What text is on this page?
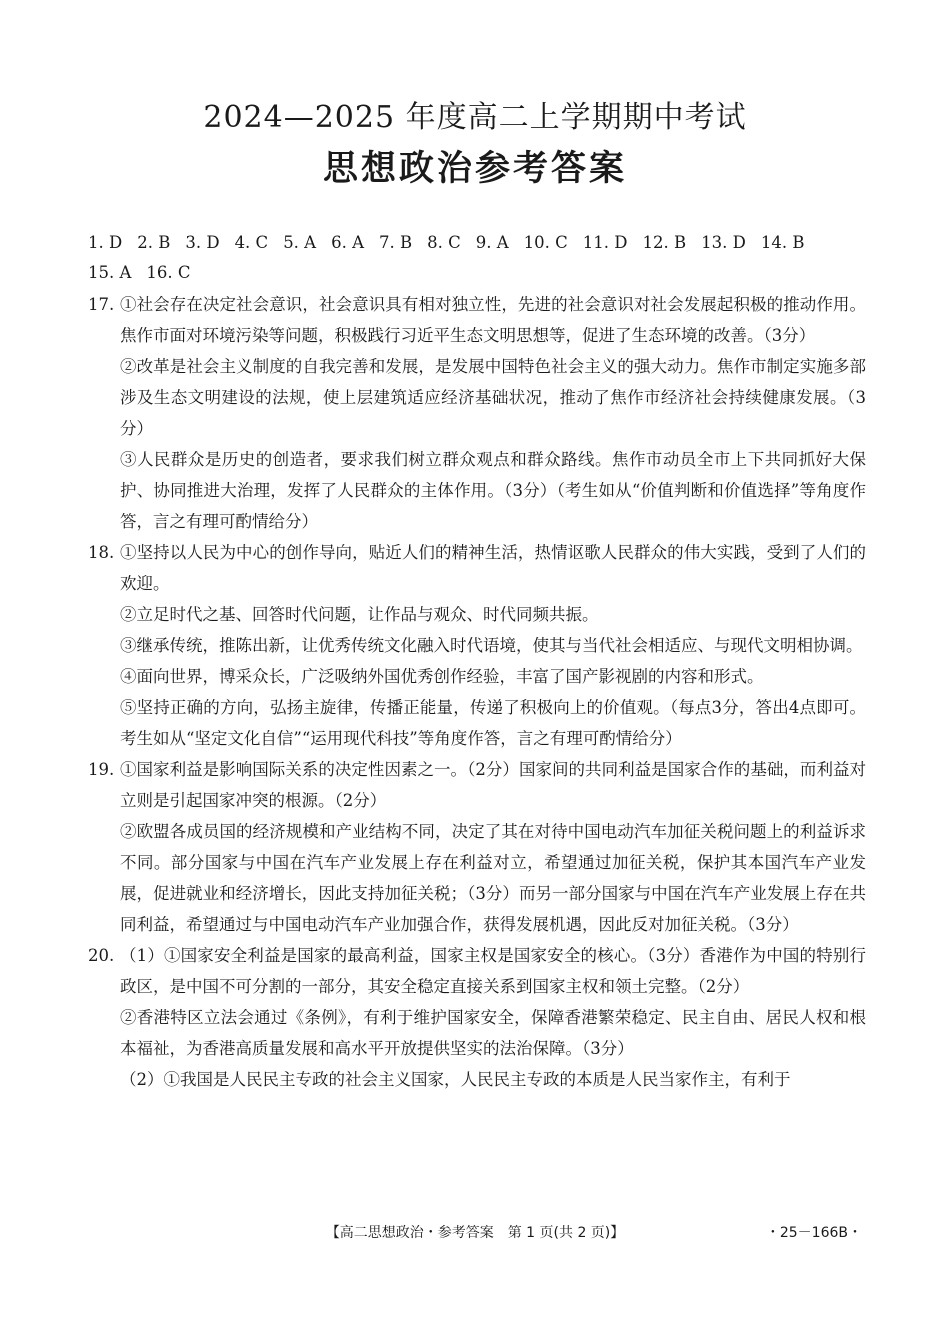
2024—2025 年度高二上学期期中考试
思想政治参考答案
1. D 2. B 3. D 4. C 5. A 6. A 7. B 8. C 9. A 10. C 11. D 12. B 13. D 14. B
15. A 16. C
17. ①社会存在决定社会意识，社会意识具有相对独立性，先进的社会意识对社会发展起积极的推动作用。焦作市面对环境污染等问题，积极践行习近平生态文明思想等，促进了生态环境的改善。（3分）

②改革是社会主义制度的自我完善和发展，是发展中国特色社会主义的强大动力。焦作市制定实施多部涉及生态文明建设的法规，使上层建筑适应经济基础状况，推动了焦作市经济社会持续健康发展。（3分）

③人民群众是历史的创造者，要求我们树立群众观点和群众路线。焦作市动员全市上下共同抓好大保护、协同推进大治理，发挥了人民群众的主体作用。（3分）（考生如从“价值判断和价值选择”等角度作答，言之有理可酌情给分）

18. ①坚持以人民为中心的创作导向，贴近人们的精神生活，热情讴歌人民群众的伟大实践，受到了人们的欢迎。

②立足时代之基、回答时代问题，让作品与观众、时代同频共振。

③继承传统，推陈出新，让优秀传统文化融入时代语境，使其与当代社会相适应、与现代文明相协调。

④面向世界，博采众长，广泛吸纳外国优秀创作经验，丰富了国产影视剧的内容和形式。

⑤坚持正确的方向，弘扬主旋律，传播正能量，传递了积极向上的价值观。（每点3分，答出4点即可。考生如从“坚定文化自信”“运用现代科技”等角度作答，言之有理可酌情给分）

19. ①国家利益是影响国际关系的决定性因素之一。（2分）国家间的共同利益是国家合作的基础，而利益对立则是引起国家冲突的根源。（2分）

②欧盟各成员国的经济规模和产业结构不同，决定了其在对待中国电动汽车加征关税问题上的利益诉求不同。部分国家与中国在汽车产业发展上存在利益对立，希望通过加征关税，保护其本国汽车产业发展，促进就业和经济增长，因此支持加征关税；（3分）而另一部分国家与中国在汽车产业发展上存在共同利益，希望通过与中国电动汽车产业加强合作，获得发展机遇，因此反对加征关税。（3分）

20. （1）①国家安全利益是国家的最高利益，国家主权是国家安全的核心。（3分）香港作为中国的特别行政区，是中国不可分割的一部分，其安全稳定直接关系到国家主权和领土完整。（2分）

②香港特区立法会通过《条例》，有利于维护国家安全，保障香港繁荣稳定、民主自由、居民人权和根本福祉，为香港高质量发展和高水平开放提供坚实的法治保障。（3分）

（2）①我国是人民民主专政的社会主义国家，人民民主专政的本质是人民当家作主，有利于

【高二思想政治・参考答案　第 1 页(共 2 页)】	・25－166B・
